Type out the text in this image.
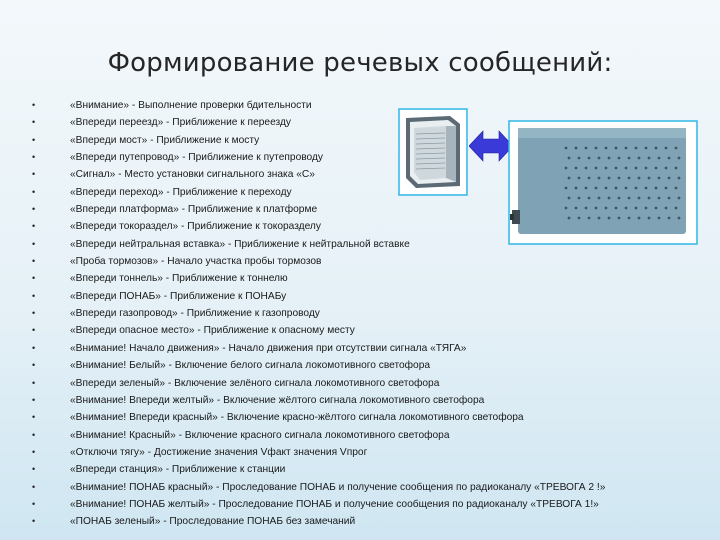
Формирование речевых сообщений:
•	«Внимание» - Выполнение проверки бдительности
•	«Впереди переезд» - Приближение к переезду
•	«Впереди мост» - Приближение к мосту
•	«Впереди путепровод» - Приближение к путепроводу
•	«Сигнал» - Место установки сигнального знака «С»
•	«Впереди переход» - Приближение к переходу
•	«Впереди платформа» - Приближение к платформе
•	«Впереди токораздел» - Приближение к токоразделу
•	«Впереди нейтральная вставка» - Приближение к нейтральной вставке
•	«Проба тормозов» - Начало участка пробы тормозов
•	«Впереди тоннель» - Приближение к тоннелю
•	«Впереди ПОНАБ» - Приближение к ПОНАБу
•	«Впереди газопровод» - Приближение к газопроводу
•	«Впереди опасное место» - Приближение к опасному месту
•	«Внимание! Начало движения» - Начало движения при отсутствии сигнала «ТЯГА»
•	«Внимание! Белый» - Включение белого сигнала локомотивного светофора
•	«Впереди зеленый» - Включение зелёного сигнала локомотивного светофора
•	«Внимание! Впереди желтый» - Включение жёлтого сигнала локомотивного светофора
•	«Внимание! Впереди красный» - Включение красно-жёлтого сигнала локомотивного светофора
•	«Внимание! Красный» - Включение красного сигнала локомотивного светофора
•	«Отключи тягу» - Достижение значения Vфакт значения Vпрог
•	«Впереди станция» - Приближение к станции
•	«Внимание! ПОНАБ красный» - Проследование ПОНАБ и получение сообщения по радиоканалу «ТРЕВОГА 2 !»
•	«Внимание! ПОНАБ желтый» - Проследование ПОНАБ и получение сообщения по радиоканалу «ТРЕВОГА 1!»
•	«ПОНАБ зеленый» - Проследование ПОНАБ без замечаний
